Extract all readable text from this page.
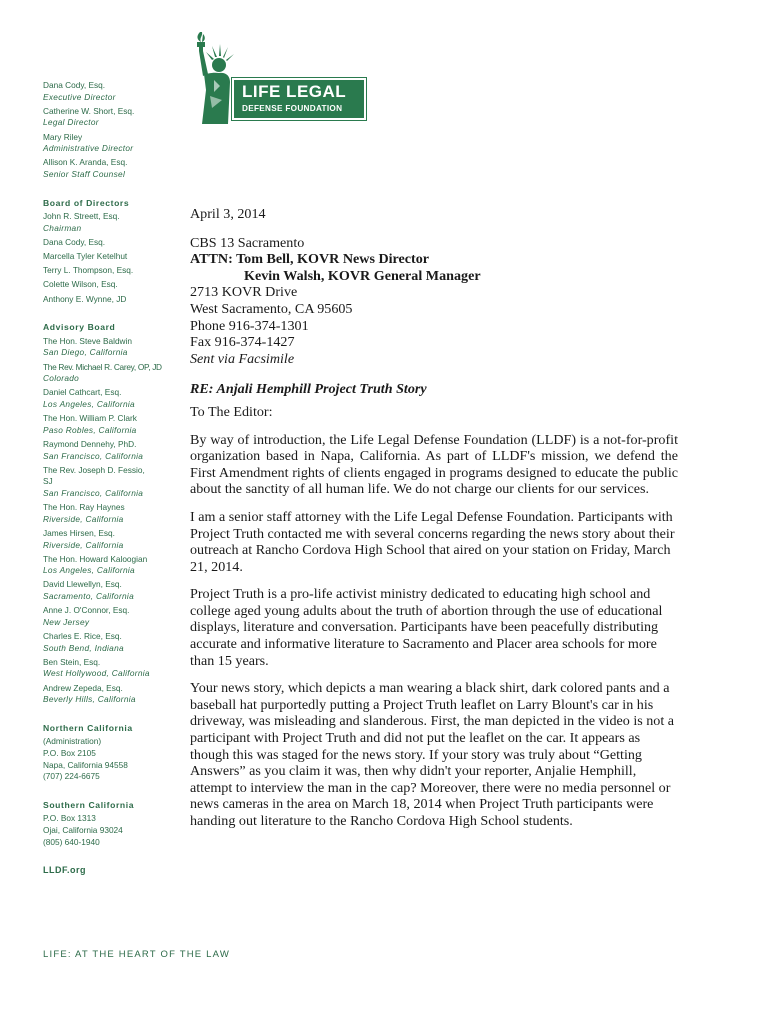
LIFE LEGAL
DEFENSE FOUNDATION
Dana Cody, Esq.
Executive Director
Catherine W. Short, Esq.
Legal Director
Mary Riley
Administrative Director
Allison K. Aranda, Esq.
Senior Staff Counsel
Board of Directors
John R. Streett, Esq.
Chairman
Dana Cody, Esq.
Marcella Tyler Ketelhut
Terry L. Thompson, Esq.
Colette Wilson, Esq.
Anthony E. Wynne, JD
Advisory Board
The Hon. Steve Baldwin
San Diego, California
The Rev. Michael R. Carey, OP, JD
Colorado
Daniel Cathcart, Esq.
Los Angeles, California
The Hon. William P. Clark
Paso Robles, California
Raymond Dennehy, PhD.
San Francisco, California
The Rev. Joseph D. Fessio,
SJ
San Francisco, California
The Hon. Ray Haynes
Riverside, California
James Hirsen, Esq.
Riverside, California
The Hon. Howard Kaloogian
Los Angeles, California
David Llewellyn, Esq.
Sacramento, California
Anne J. O'Connor, Esq.
New Jersey
Charles E. Rice, Esq.
South Bend, Indiana
Ben Stein, Esq.
West Hollywood, California
Andrew Zepeda, Esq.
Beverly Hills, California
Northern California
(Administration)
P.O. Box 2105
Napa, California 94558
(707) 224-6675
Southern California
P.O. Box 1313
Ojai, California 93024
(805) 640-1940
LLDF.org
LIFE: AT THE HEART OF THE LAW

April 3, 2014

CBS 13 Sacramento
ATTN: Tom Bell, KOVR News Director
Kevin Walsh, KOVR General Manager
2713 KOVR Drive
West Sacramento, CA 95605
Phone 916-374-1301
Fax 916-374-1427
Sent via Facsimile

RE: Anjali Hemphill Project Truth Story

To The Editor:

By way of introduction, the Life Legal Defense Foundation (LLDF) is a not-for-profit organization based in Napa, California. As part of LLDF's mission, we defend the First Amendment rights of clients engaged in programs designed to educate the public about the sanctity of all human life. We do not charge our clients for our services.

I am a senior staff attorney with the Life Legal Defense Foundation. Participants with Project Truth contacted me with several concerns regarding the news story about their outreach at Rancho Cordova High School that aired on your station on Friday, March 21, 2014.

Project Truth is a pro-life activist ministry dedicated to educating high school and college aged young adults about the truth of abortion through the use of educational displays, literature and conversation. Participants have been peacefully distributing accurate and informative literature to Sacramento and Placer area schools for more than 15 years.

Your news story, which depicts a man wearing a black shirt, dark colored pants and a baseball hat purportedly putting a Project Truth leaflet on Larry Blount's car in his driveway, was misleading and slanderous. First, the man depicted in the video is not a participant with Project Truth and did not put the leaflet on the car. It appears as though this was staged for the news story. If your story was truly about “Getting Answers” as you claim it was, then why didn't your reporter, Anjalie Hemphill, attempt to interview the man in the cap? Moreover, there were no media personnel or news cameras in the area on March 18, 2014 when Project Truth participants were handing out literature to the Rancho Cordova High School students.
